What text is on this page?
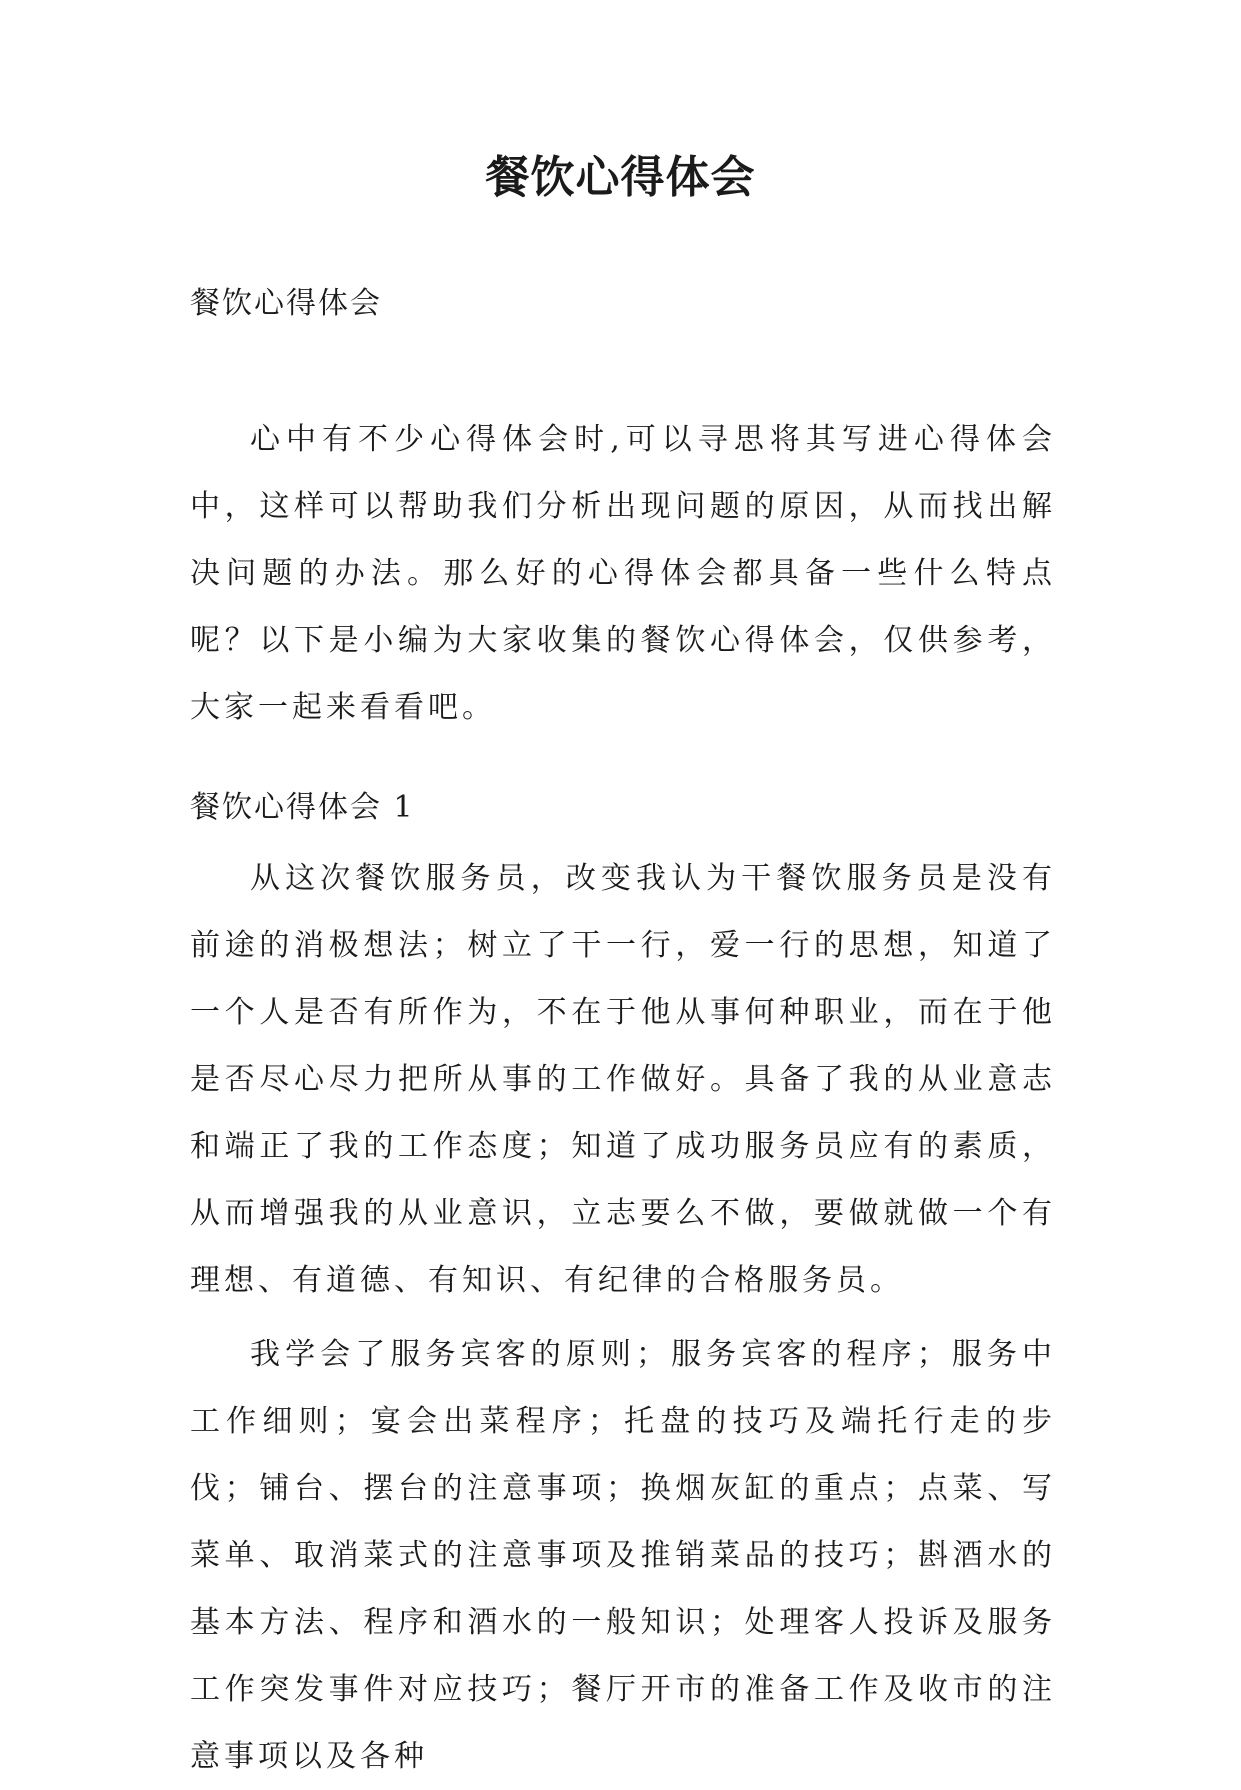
餐饮心得体会

餐饮心得体会

心中有不少心得体会时,可以寻思将其写进心得体会中，这样可以帮助我们分析出现问题的原因，从而找出解决问题的办法。那么好的心得体会都具备一些什么特点呢？以下是小编为大家收集的餐饮心得体会，仅供参考，大家一起来看看吧。

餐饮心得体会 1

从这次餐饮服务员，改变我认为干餐饮服务员是没有前途的消极想法；树立了干一行，爱一行的思想，知道了一个人是否有所作为，不在于他从事何种职业，而在于他是否尽心尽力把所从事的工作做好。具备了我的从业意志和端正了我的工作态度；知道了成功服务员应有的素质，从而增强我的从业意识，立志要么不做，要做就做一个有理想、有道德、有知识、有纪律的合格服务员。

我学会了服务宾客的原则；服务宾客的程序；服务中工作细则；宴会出菜程序；托盘的技巧及端托行走的步伐；铺台、摆台的注意事项；换烟灰缸的重点；点菜、写菜单、取消菜式的注意事项及推销菜品的技巧；斟酒水的基本方法、程序和酒水的一般知识；处理客人投诉及服务工作突发事件对应技巧；餐厅开市的准备工作及收市的注意事项以及各种
